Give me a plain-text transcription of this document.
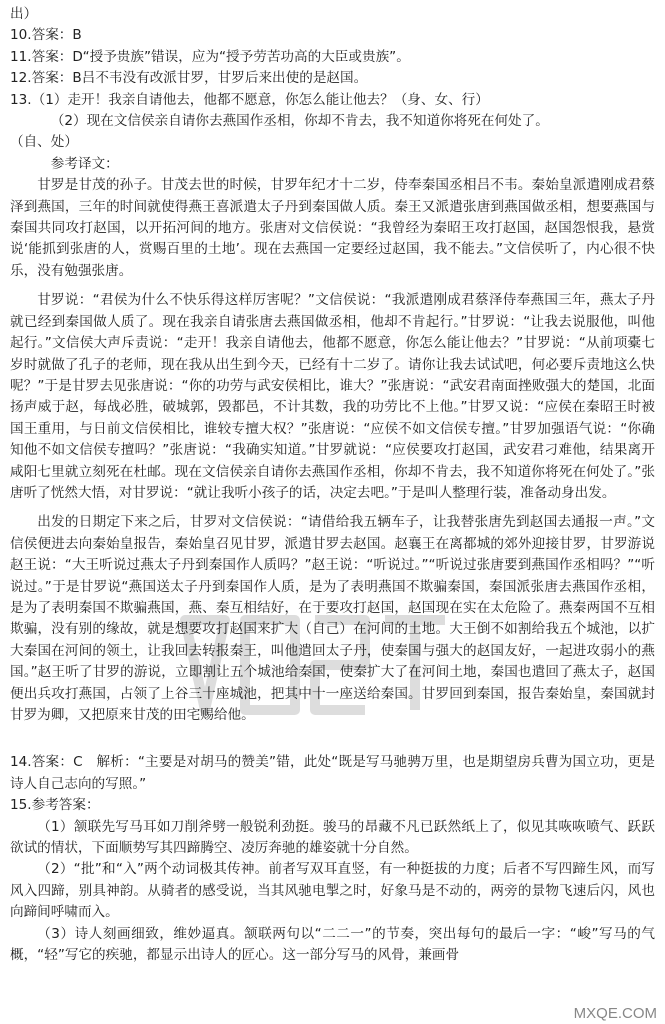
出）
10.答案：B
11.答案：D“授予贵族”错误，应为“授予劳苦功高的大臣或贵族”。
12.答案：B吕不韦没有改派甘罗，甘罗后来出使的是赵国。
13.（1）走开！我亲自请他去，他都不愿意，你怎么能让他去？（身、女、行）
（2）现在文信侯亲自请你去燕国作丞相，你却不肯去，我不知道你将死在何处了。
（自、处）
参考译文：

甘罗是甘茂的孙子。甘茂去世的时候，甘罗年纪才十二岁，侍奉秦国丞相吕不韦。秦始皇派遣刚成君蔡泽到燕国，三年的时间就使得燕王喜派遣太子丹到秦国做人质。秦王又派遣张唐到燕国做丞相，想要燕国与秦国共同攻打赵国，以开拓河间的地方。张唐对文信侯说：“我曾经为秦昭王攻打赵国，赵国怨恨我，悬赏说‘能抓到张唐的人，赏赐百里的土地’。现在去燕国一定要经过赵国，我不能去。”文信侯听了，内心很不快乐，没有勉强张唐。

甘罗说：“君侯为什么不快乐得这样厉害呢？”文信侯说：“我派遣刚成君蔡泽侍奉燕国三年，燕太子丹就已经到秦国做人质了。现在我亲自请张唐去燕国做丞相，他却不肯起行。”甘罗说：“让我去说服他，叫他起行。”文信侯大声斥责说：“走开！我亲自请他去，他都不愿意，你怎么能让他去？”甘罗说：“从前项橐七岁时就做了孔子的老师，现在我从出生到今天，已经有十二岁了。请你让我去试试吧，何必要斥责地这么快呢？”于是甘罗去见张唐说：“你的功劳与武安侯相比，谁大？”张唐说：“武安君南面挫败强大的楚国，北面扬声威于赵，每战必胜，破城郭，毁都邑，不计其数，我的功劳比不上他。”甘罗又说：“应侯在秦昭王时被国王重用，与日前文信侯相比，谁较专擅大权？”张唐说：“应侯不如文信侯专擅。”甘罗加强语气说：“你确知他不如文信侯专擅吗？”张唐说：“我确实知道。”甘罗就说：“应侯要攻打赵国，武安君刁难他，结果离开咸阳七里就立刻死在杜邮。现在文信侯亲自请你去燕国作丞相，你却不肯去，我不知道你将死在何处了。”张唐听了恍然大悟，对甘罗说：“就让我听小孩子的话，决定去吧。”于是叫人整理行装，准备动身出发。

出发的日期定下来之后，甘罗对文信侯说：“请借给我五辆车子，让我替张唐先到赵国去通报一声。”文信侯便进去向秦始皇报告，秦始皇召见甘罗，派遣甘罗去赵国。赵襄王在离都城的郊外迎接甘罗，甘罗游说赵王说：“大王听说过燕太子丹到秦国作人质吗？”赵王说：“听说过。”“听说过张唐要到燕国作丞相吗？”“听说过。”于是甘罗说“燕国送太子丹到秦国作人质，是为了表明燕国不欺骗秦国，秦国派张唐去燕国作丞相，是为了表明秦国不欺骗燕国，燕、秦互相结好，在于要攻打赵国，赵国现在实在太危险了。燕秦两国不互相欺骗，没有别的缘故，就是想要攻打赵国来扩大（自己）在河间的土地。大王倒不如割给我五个城池，以扩大秦国在河间的领土，让我回去转报秦王，叫他遣回太子丹，使秦国与强大的赵国友好，一起进攻弱小的燕国。”赵王听了甘罗的游说，立即割让五个城池给秦国，使秦扩大了在河间土地，秦国也遣回了燕太子，赵国便出兵攻打燕国，占领了上谷三十座城池，把其中十一座送给秦国。甘罗回到秦国，报告秦始皇，秦国就封甘罗为卿，又把原来甘茂的田宅赐给他。

14.答案：C　解析：“主要是对胡马的赞美”错，此处“既是写马驰骋万里，也是期望房兵曹为国立功，更是诗人自己志向的写照。”

15.参考答案：

（1）颔联先写马耳如刀削斧劈一般锐利劲挺。骏马的昂藏不凡已跃然纸上了，似见其咴咴喷气、跃跃欲试的情状，下面顺势写其四蹄腾空、凌厉奔驰的雄姿就十分自然。

（2）“批”和“入”两个动词极其传神。前者写双耳直竖，有一种挺拔的力度；后者不写四蹄生风，而写风入四蹄，别具神韵。从骑者的感受说，当其风驰电掣之时，好象马是不动的，两旁的景物飞速后闪，风也向蹄间呼啸而入。

（3）诗人刻画细致，维妙逼真。颔联两句以“二二一”的节奏，突出每句的最后一字：“峻”写马的气概，“轻”写它的疾驰，都显示出诗人的匠心。这一部分写马的风骨，兼画骨

MXQE.COM
